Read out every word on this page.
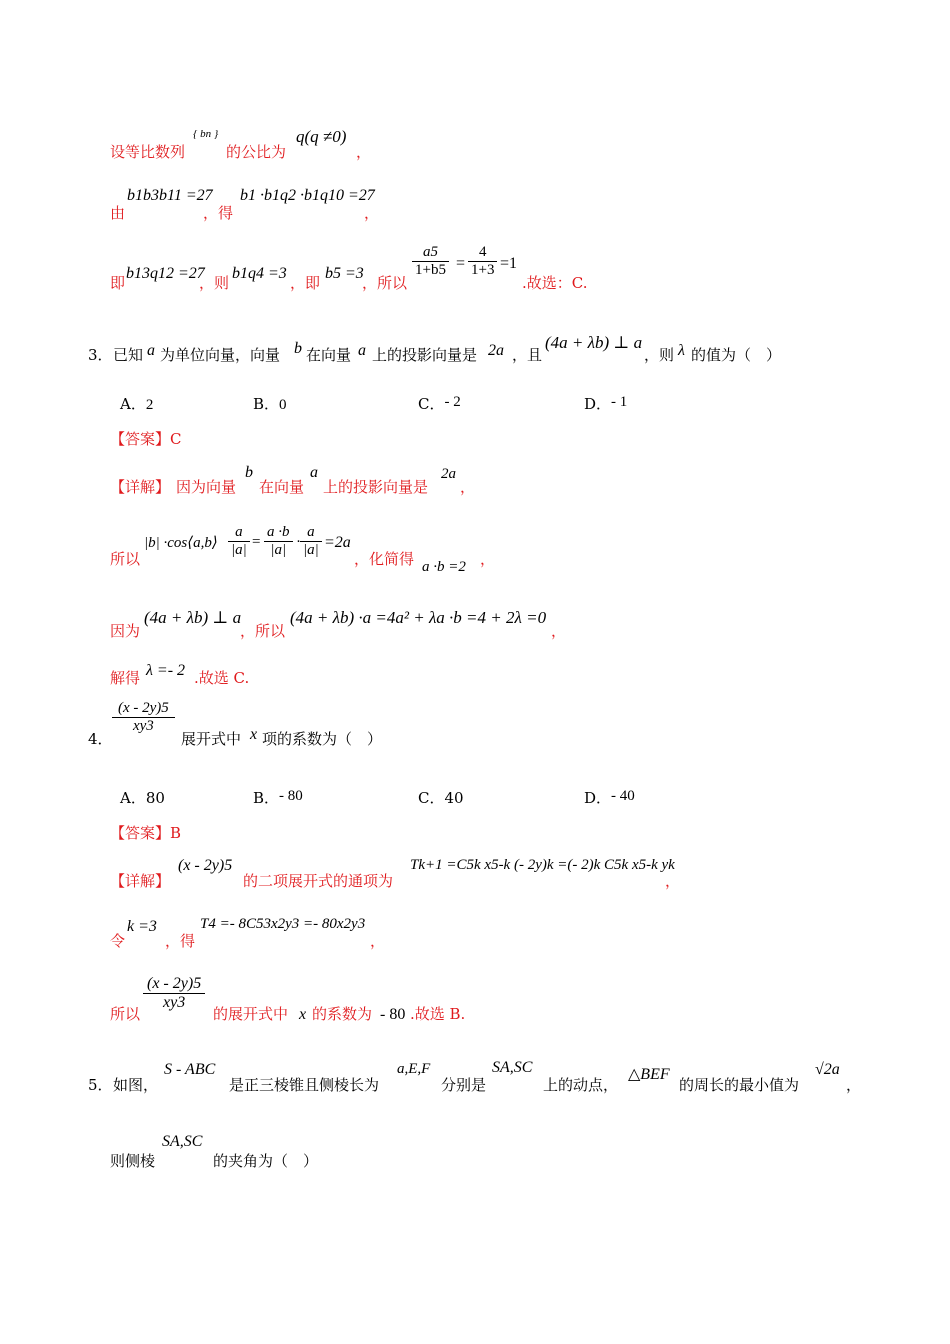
设等比数列
{ bn }
的公比为
q(q ≠0)
，
由
b1b3b11 =27
，得
b1 ·b1q2 ·b1q10 =27
，
即
b13q12 =27
，则
b1q4 =3
，即
b5 =3
，所以
$\frac{a5}{1+b5} = \frac{4}{1+3} =1$
.故选：C.
3． 已知 a 为单位向量，向量 b 在向量 a 上的投影向量是 2a ，且
(4a + λb) ⊥ a
，则 λ 的值为（　）
A．2	B．0	C．- 2	D．- 1
【答案】C
【详解】 因为向量
b
在向量
a
上的投影向量是
2a
，
所以
|b| ·cos⟨a,b⟩ $\frac{a}{|a|} = \frac{a \cdot b}{|a|} \cdot \frac{a}{|a|} =2a$
，化简得 a ·b =2 ，
因为
(4a + λb) ⊥ a
，所以
(4a + λb) ·a =4a² + λa ·b =4 + 2λ =0
，
解得 λ =- 2 .故选 C.
4．
$\frac{(x - 2y)5}{xy3}$
展开式中 x 项的系数为（　）
A．80	B．- 80	C．40	D．- 40
【答案】B
【详解】
(x - 2y)5
的二项展开式的通项为
Tk+1 =C5k x5-k (- 2y)k =(- 2)k C5k x5-k yk
，
令
k =3
，得
T4 =- 8C53x2y3 =- 80x2y3
，
所以
$\frac{(x - 2y)5}{xy3}$
的展开式中 x 的系数为 - 80 .故选 B.
5． 如图，
S - ABC
是正三棱锥且侧棱长为
a,E,F
分别是
SA,SC
上的动点，
△BEF
的周长的最小值为
√2a
，
则侧棱
SA,SC
的夹角为（　）
